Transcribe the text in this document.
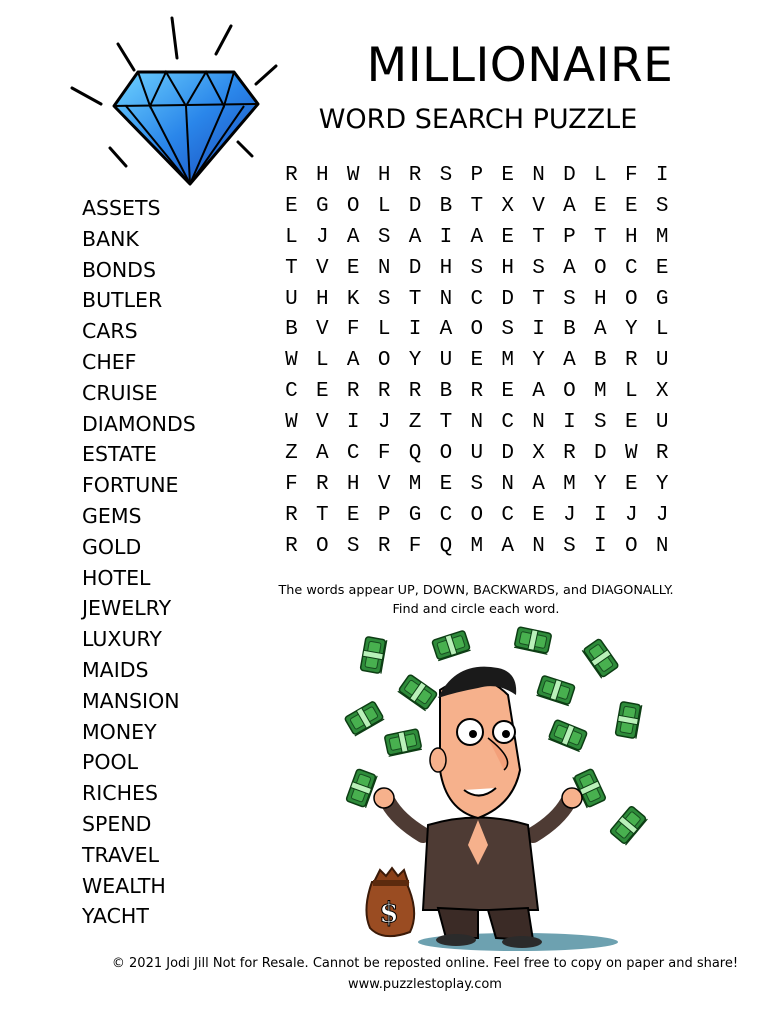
MILLIONAIRE
WORD SEARCH PUZZLE
ASSETS
BANK
BONDS
BUTLER
CARS
CHEF
CRUISE
DIAMONDS
ESTATE
FORTUNE
GEMS
GOLD
HOTEL
JEWELRY
LUXURY
MAIDS
MANSION
MONEY
POOL
RICHES
SPEND
TRAVEL
WEALTH
YACHT
R	H	W	H	R	S	P	E	N	D	L	F	I
E	G	O	L	D	B	T	X	V	A	E	E	S
L	J	A	S	A	I	A	E	T	P	T	H	M
T	V	E	N	D	H	S	H	S	A	O	C	E
U	H	K	S	T	N	C	D	T	S	H	O	G
B	V	F	L	I	A	O	S	I	B	A	Y	L
W	L	A	O	Y	U	E	M	Y	A	B	R	U
C	E	R	R	R	B	R	E	A	O	M	L	X
W	V	I	J	Z	T	N	C	N	I	S	E	U
Z	A	C	F	Q	O	U	D	X	R	D	W	R
F	R	H	V	M	E	S	N	A	M	Y	E	Y
R	T	E	P	G	C	O	C	E	J	I	J	J
R	O	S	R	F	Q	M	A	N	S	I	O	N
The words appear UP, DOWN, BACKWARDS, and DIAGONALLY.
Find and circle each word.
$
© 2021 Jodi Jill Not for Resale. Cannot be reposted online. Feel free to copy on paper and share!
www.puzzlestoplay.com
